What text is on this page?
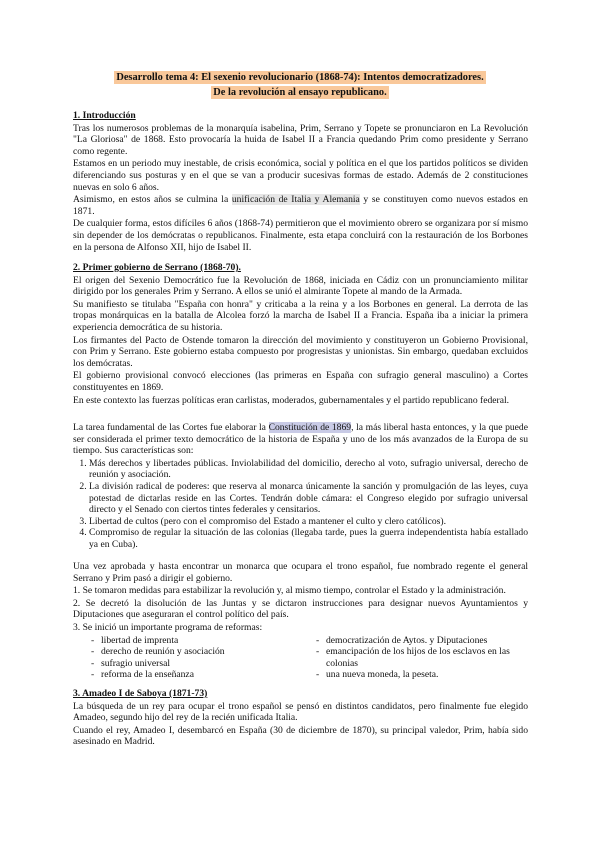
Desarrollo tema 4: El sexenio revolucionario (1868-74): Intentos democratizadores.
De la revolución al ensayo republicano.
1. Introducción
Tras los numerosos problemas de la monarquía isabelina, Prim, Serrano y Topete se pronunciaron en La Revolución "La Gloriosa" de 1868. Esto provocaría la huida de Isabel II a Francia quedando Prim como presidente y Serrano como regente.
Estamos en un periodo muy inestable, de crisis económica, social y política en el que los partidos políticos se dividen diferenciando sus posturas y en el que se van a producir sucesivas formas de estado. Además de 2 constituciones nuevas en solo 6 años.
Asimismo, en estos años se culmina la unificación de Italia y Alemania y se constituyen como nuevos estados en 1871.
De cualquier forma, estos difíciles 6 años (1868-74) permitieron que el movimiento obrero se organizara por sí mismo sin depender de los demócratas o republicanos. Finalmente, esta etapa concluirá con la restauración de los Borbones en la persona de Alfonso XII, hijo de Isabel II.
2. Primer gobierno de Serrano (1868-70).
El origen del Sexenio Democrático fue la Revolución de 1868, iniciada en Cádiz con un pronunciamiento militar dirigido por los generales Prim y Serrano. A ellos se unió el almirante Topete al mando de la Armada.
Su manifiesto se titulaba "España con honra" y criticaba a la reina y a los Borbones en general. La derrota de las tropas monárquicas en la batalla de Alcolea forzó la marcha de Isabel II a Francia. España iba a iniciar la primera experiencia democrática de su historia.
Los firmantes del Pacto de Ostende tomaron la dirección del movimiento y constituyeron un Gobierno Provisional, con Prim y Serrano. Este gobierno estaba compuesto por progresistas y unionistas. Sin embargo, quedaban excluidos los demócratas.
El gobierno provisional convocó elecciones (las primeras en España con sufragio general masculino) a Cortes constituyentes en 1869.
En este contexto las fuerzas políticas eran carlistas, moderados, gubernamentales y el partido republicano federal.
La tarea fundamental de las Cortes fue elaborar la Constitución de 1869, la más liberal hasta entonces, y la que puede ser considerada el primer texto democrático de la historia de España y uno de los más avanzados de la Europa de su tiempo. Sus características son:
1. Más derechos y libertades públicas. Inviolabilidad del domicilio, derecho al voto, sufragio universal, derecho de reunión y asociación.
2. La división radical de poderes: que reserva al monarca únicamente la sanción y promulgación de las leyes, cuya potestad de dictarlas reside en las Cortes. Tendrán doble cámara: el Congreso elegido por sufragio universal directo y el Senado con ciertos tintes federales y censitarios.
3. Libertad de cultos (pero con el compromiso del Estado a mantener el culto y clero católicos).
4. Compromiso de regular la situación de las colonias (llegaba tarde, pues la guerra independentista había estallado ya en Cuba).
Una vez aprobada y hasta encontrar un monarca que ocupara el trono español, fue nombrado regente el general Serrano y Prim pasó a dirigir el gobierno.
1. Se tomaron medidas para estabilizar la revolución y, al mismo tiempo, controlar el Estado y la administración.
2. Se decretó la disolución de las Juntas y se dictaron instrucciones para designar nuevos Ayuntamientos y Diputaciones que aseguraran el control político del país.
3. Se inició un importante programa de reformas:
- libertad de imprenta
- derecho de reunión y asociación
- sufragio universal
- reforma de la enseñanza
- democratización de Aytos. y Diputaciones
- emancipación de los hijos de los esclavos en las colonias
- una nueva moneda, la peseta.
3. Amadeo I de Saboya (1871-73)
La búsqueda de un rey para ocupar el trono español se pensó en distintos candidatos, pero finalmente fue elegido Amadeo, segundo hijo del rey de la recién unificada Italia.
Cuando el rey, Amadeo I, desembarcó en España (30 de diciembre de 1870), su principal valedor, Prim, había sido asesinado en Madrid.
